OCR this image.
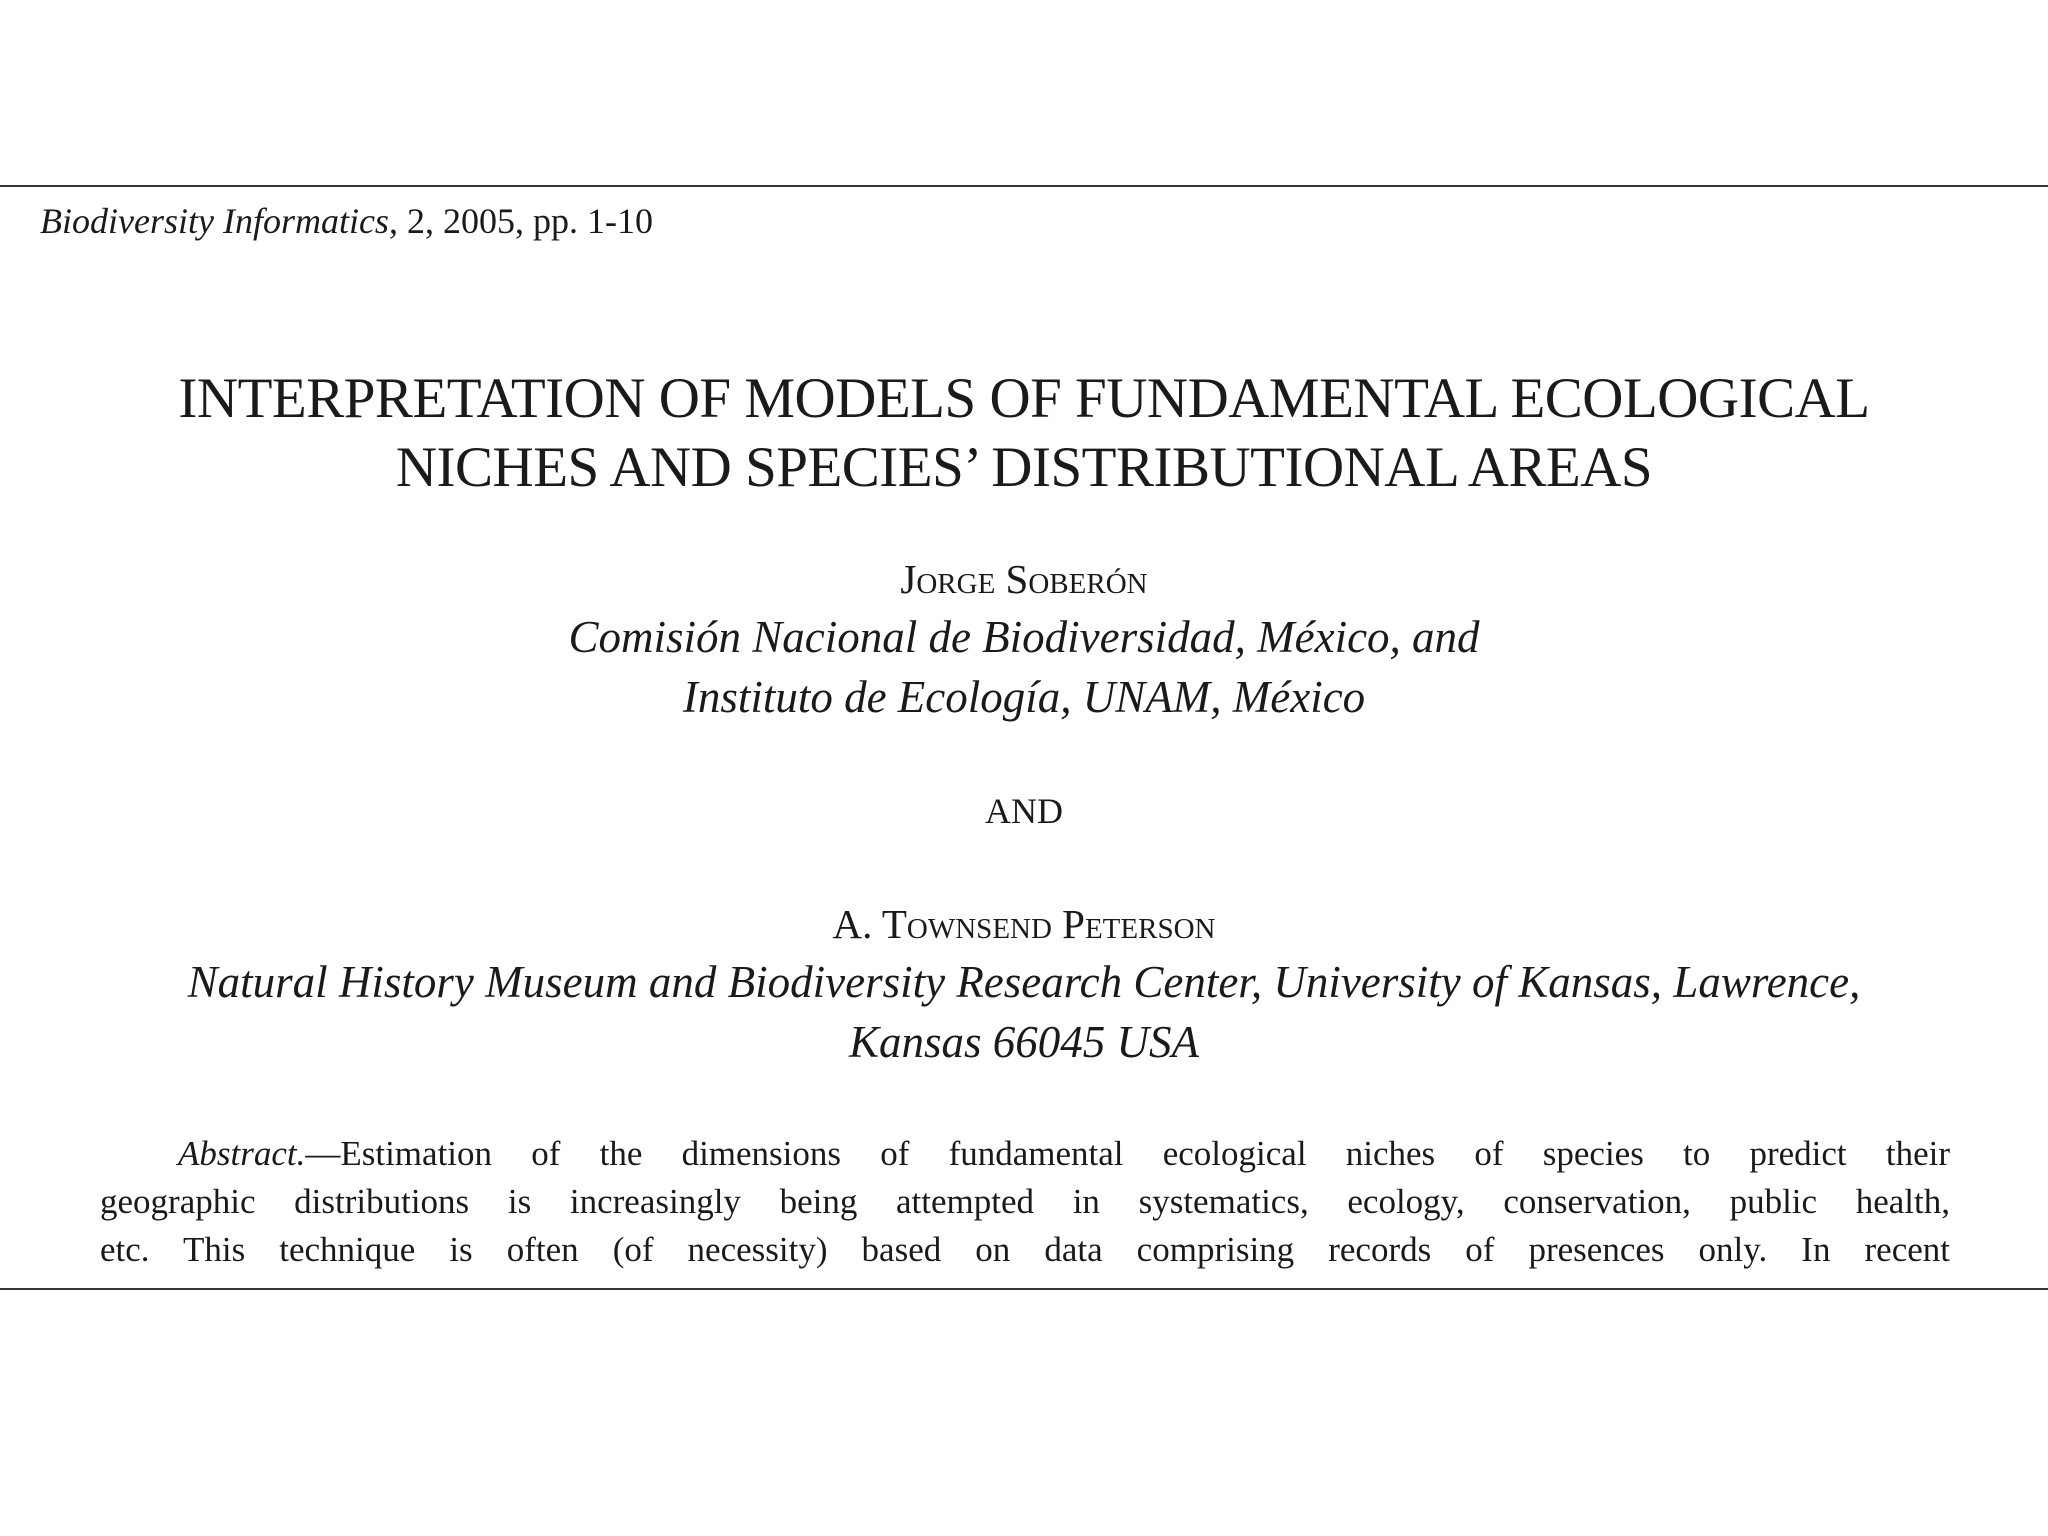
Biodiversity Informatics, 2, 2005, pp. 1-10
INTERPRETATION OF MODELS OF FUNDAMENTAL ECOLOGICAL
NICHES AND SPECIES’ DISTRIBUTIONAL AREAS
Jorge Soberón
Comisión Nacional de Biodiversidad, México, and
Instituto de Ecología, UNAM, México
AND
A. Townsend Peterson
Natural History Museum and Biodiversity Research Center, University of Kansas, Lawrence,
Kansas 66045 USA
Abstract.—Estimation of the dimensions of fundamental ecological niches of species to predict their
geographic distributions is increasingly being attempted in systematics, ecology, conservation, public health,
etc. This technique is often (of necessity) based on data comprising records of presences only. In recent
